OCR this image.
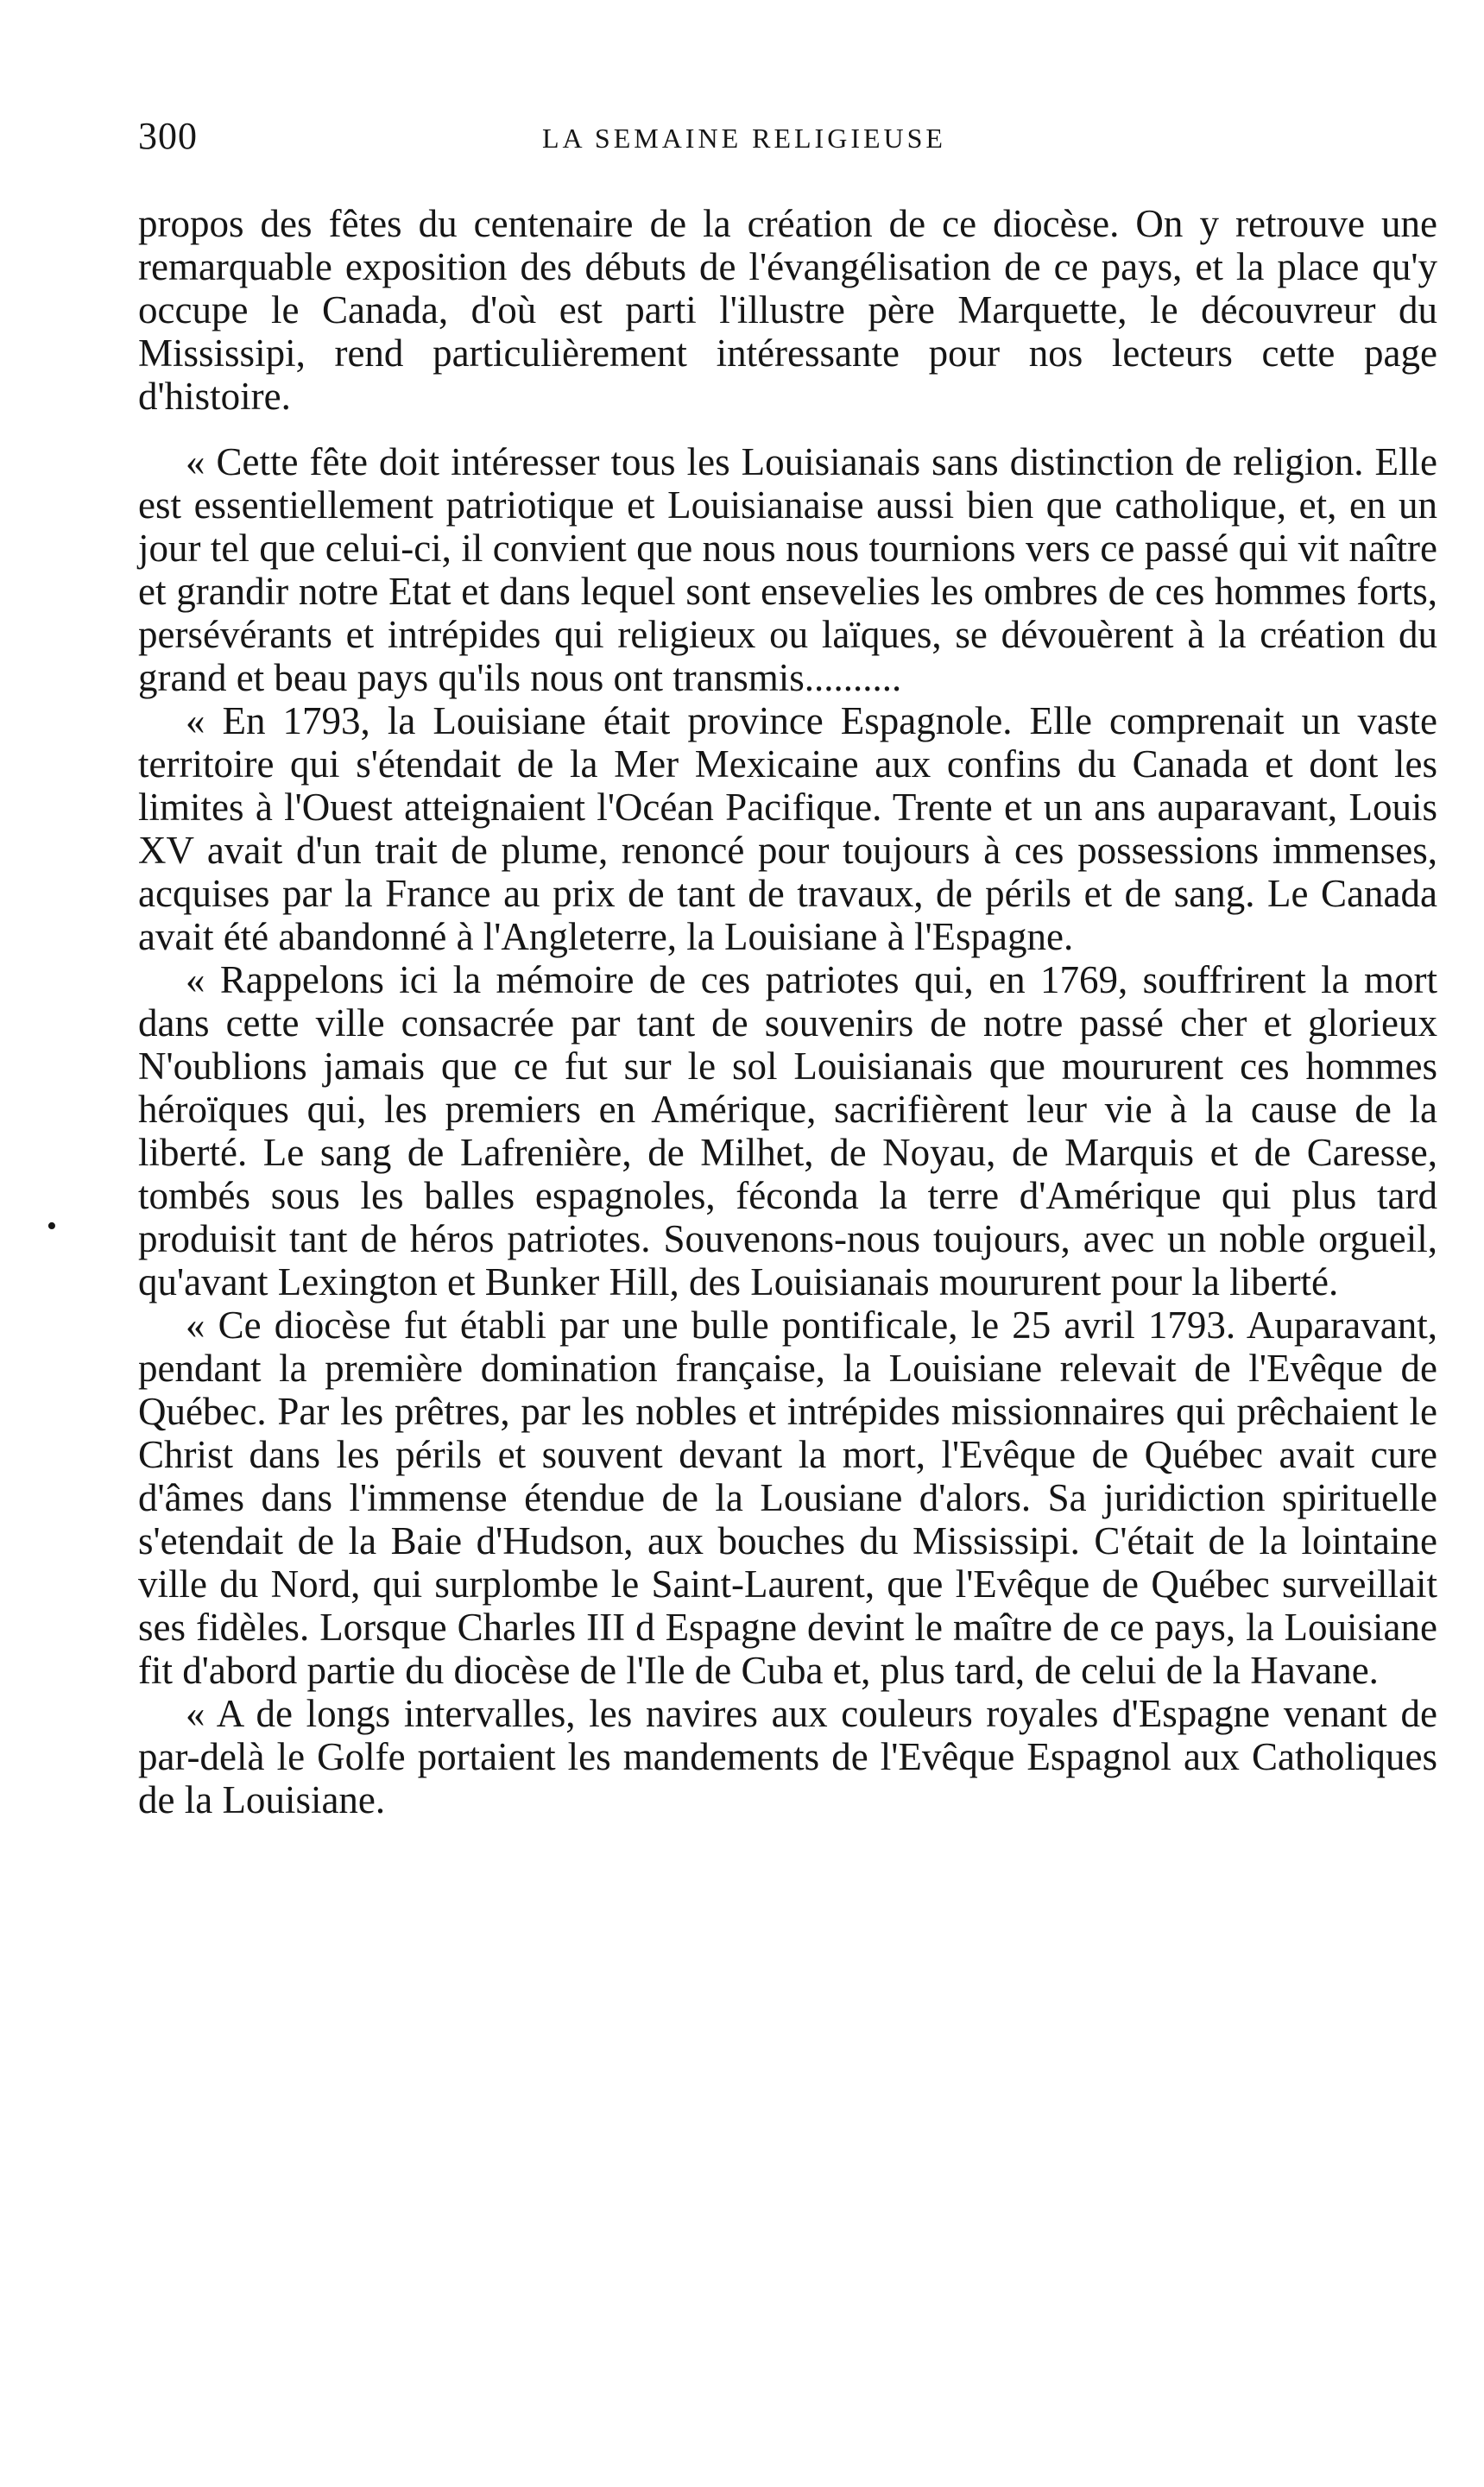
300	LA SEMAINE RELIGIEUSE
•

propos des fêtes du centenaire de la création de ce diocèse. On y retrouve une remarquable exposition des débuts de l'évangélisation de ce pays, et la place qu'y occupe le Canada, d'où est parti l'illustre père Marquette, le découvreur du Mississipi, rend particulièrement intéressante pour nos lecteurs cette page d'histoire.

« Cette fête doit intéresser tous les Louisianais sans distinction de religion. Elle est essentiellement patriotique et Louisianaise aussi bien que catholique, et, en un jour tel que celui-ci, il convient que nous nous tournions vers ce passé qui vit naître et grandir notre Etat et dans lequel sont ensevelies les ombres de ces hommes forts, persévérants et intrépides qui religieux ou laïques, se dévouèrent à la création du grand et beau pays qu'ils nous ont transmis..........

« En 1793, la Louisiane était province Espagnole. Elle comprenait un vaste territoire qui s'étendait de la Mer Mexicaine aux confins du Canada et dont les limites à l'Ouest atteignaient l'Océan Pacifique. Trente et un ans auparavant, Louis XV avait d'un trait de plume, renoncé pour toujours à ces possessions immenses, acquises par la France au prix de tant de travaux, de périls et de sang. Le Canada avait été abandonné à l'Angleterre, la Louisiane à l'Espagne.

« Rappelons ici la mémoire de ces patriotes qui, en 1769, souffrirent la mort dans cette ville consacrée par tant de souvenirs de notre passé cher et glorieux N'oublions jamais que ce fut sur le sol Louisianais que moururent ces hommes héroïques qui, les premiers en Amérique, sacrifièrent leur vie à la cause de la liberté. Le sang de Lafrenière, de Milhet, de Noyau, de Marquis et de Caresse, tombés sous les balles espagnoles, féconda la terre d'Amérique qui plus tard produisit tant de héros patriotes. Souvenons-nous toujours, avec un noble orgueil, qu'avant Lexington et Bunker Hill, des Louisianais moururent pour la liberté.

« Ce diocèse fut établi par une bulle pontificale, le 25 avril 1793. Auparavant, pendant la première domination française, la Louisiane relevait de l'Evêque de Québec. Par les prêtres, par les nobles et intrépides missionnaires qui prêchaient le Christ dans les périls et souvent devant la mort, l'Evêque de Québec avait cure d'âmes dans l'immense étendue de la Lousiane d'alors. Sa juridiction spirituelle s'etendait de la Baie d'Hudson, aux bouches du Mississipi. C'était de la lointaine ville du Nord, qui surplombe le Saint-Laurent, que l'Evêque de Québec surveillait ses fidèles. Lorsque Charles III d Espagne devint le maître de ce pays, la Louisiane fit d'abord partie du diocèse de l'Ile de Cuba et, plus tard, de celui de la Havane.

« A de longs intervalles, les navires aux couleurs royales d'Espagne venant de par-delà le Golfe portaient les mandements de l'Evêque Espagnol aux Catholiques de la Louisiane.
